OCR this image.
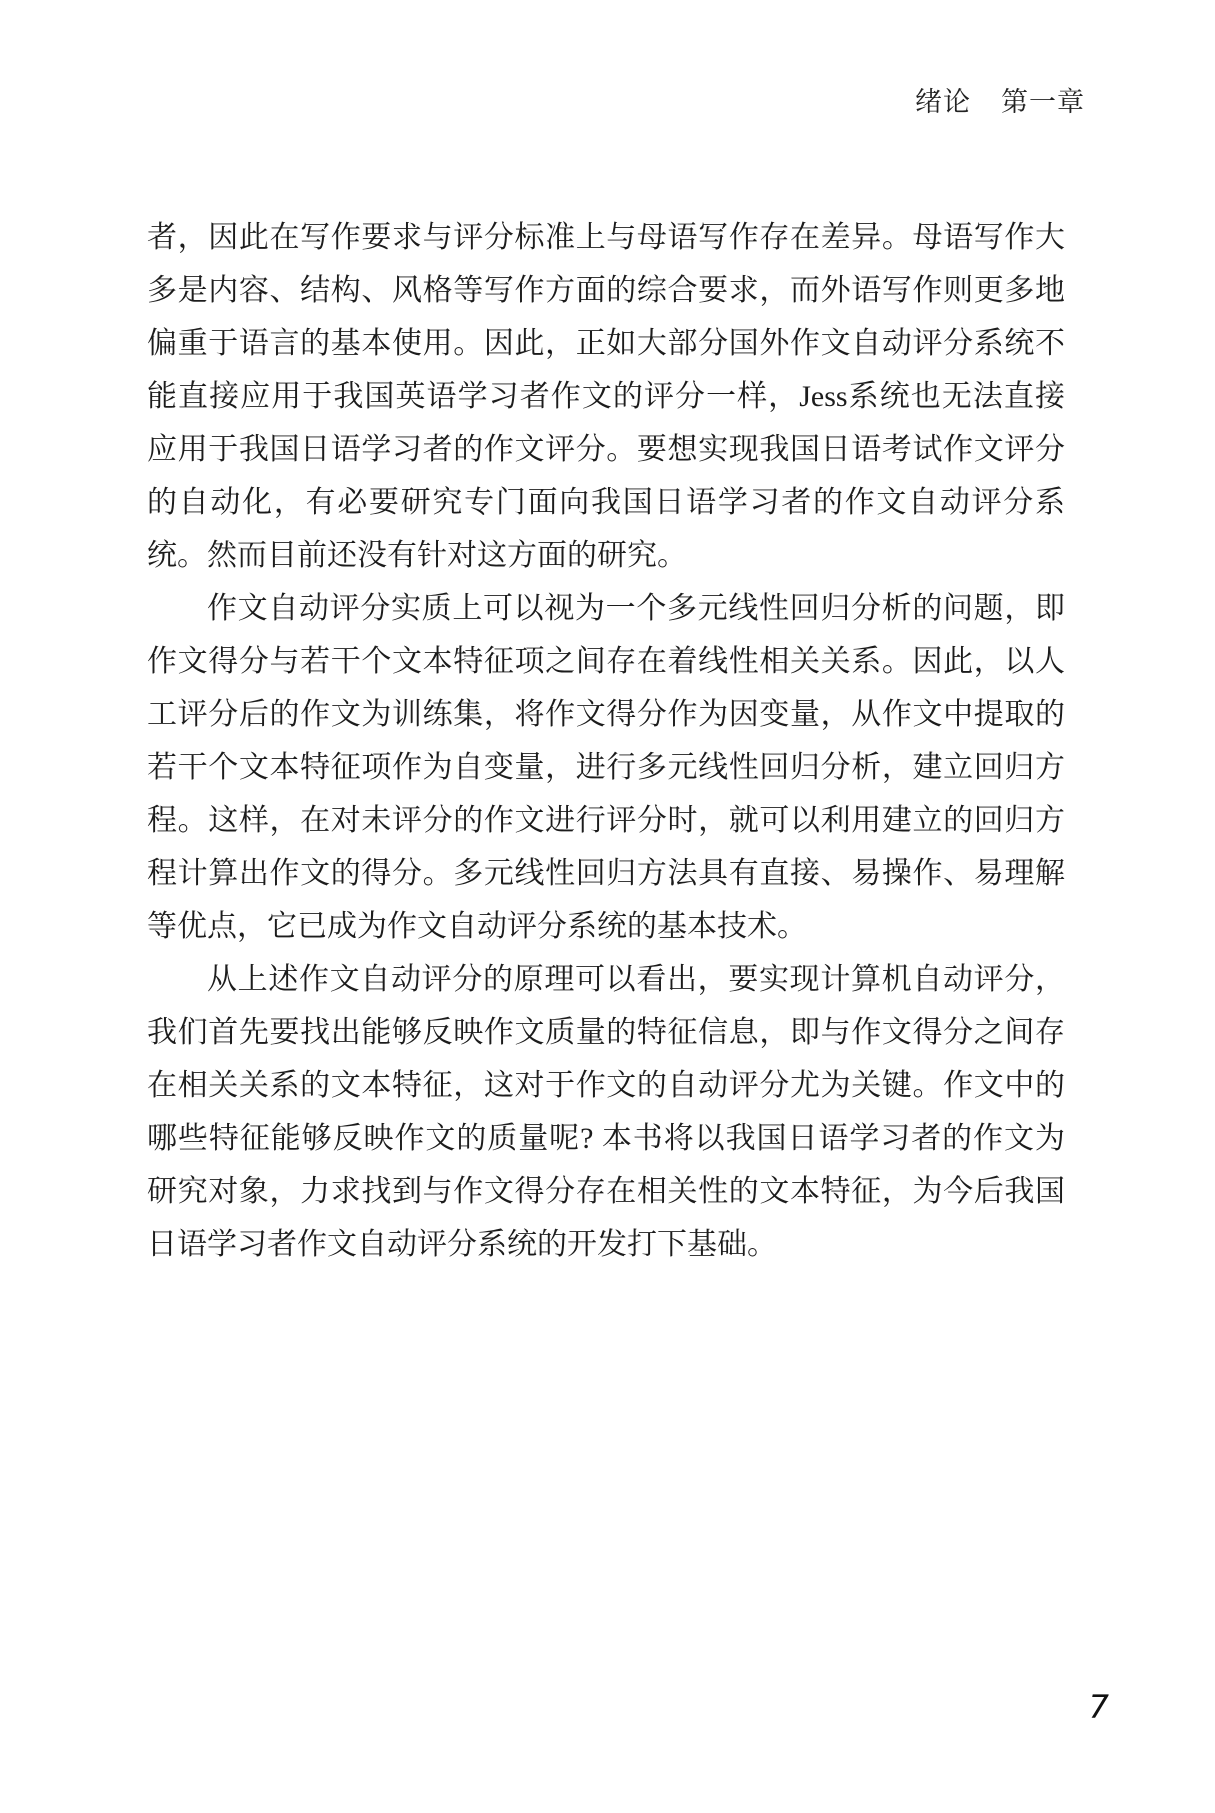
绪论 第一章

者，因此在写作要求与评分标准上与母语写作存在差异。母语写作大多是内容、结构、风格等写作方面的综合要求，而外语写作则更多地偏重于语言的基本使用。因此，正如大部分国外作文自动评分系统不能直接应用于我国英语学习者作文的评分一样，Jess系统也无法直接应用于我国日语学习者的作文评分。要想实现我国日语考试作文评分的自动化，有必要研究专门面向我国日语学习者的作文自动评分系统。然而目前还没有针对这方面的研究。

作文自动评分实质上可以视为一个多元线性回归分析的问题，即作文得分与若干个文本特征项之间存在着线性相关关系。因此，以人工评分后的作文为训练集，将作文得分作为因变量，从作文中提取的若干个文本特征项作为自变量，进行多元线性回归分析，建立回归方程。这样，在对未评分的作文进行评分时，就可以利用建立的回归方程计算出作文的得分。多元线性回归方法具有直接、易操作、易理解等优点，它已成为作文自动评分系统的基本技术。

从上述作文自动评分的原理可以看出，要实现计算机自动评分，我们首先要找出能够反映作文质量的特征信息，即与作文得分之间存在相关关系的文本特征，这对于作文的自动评分尤为关键。作文中的哪些特征能够反映作文的质量呢? 本书将以我国日语学习者的作文为研究对象，力求找到与作文得分存在相关性的文本特征，为今后我国日语学习者作文自动评分系统的开发打下基础。

7
